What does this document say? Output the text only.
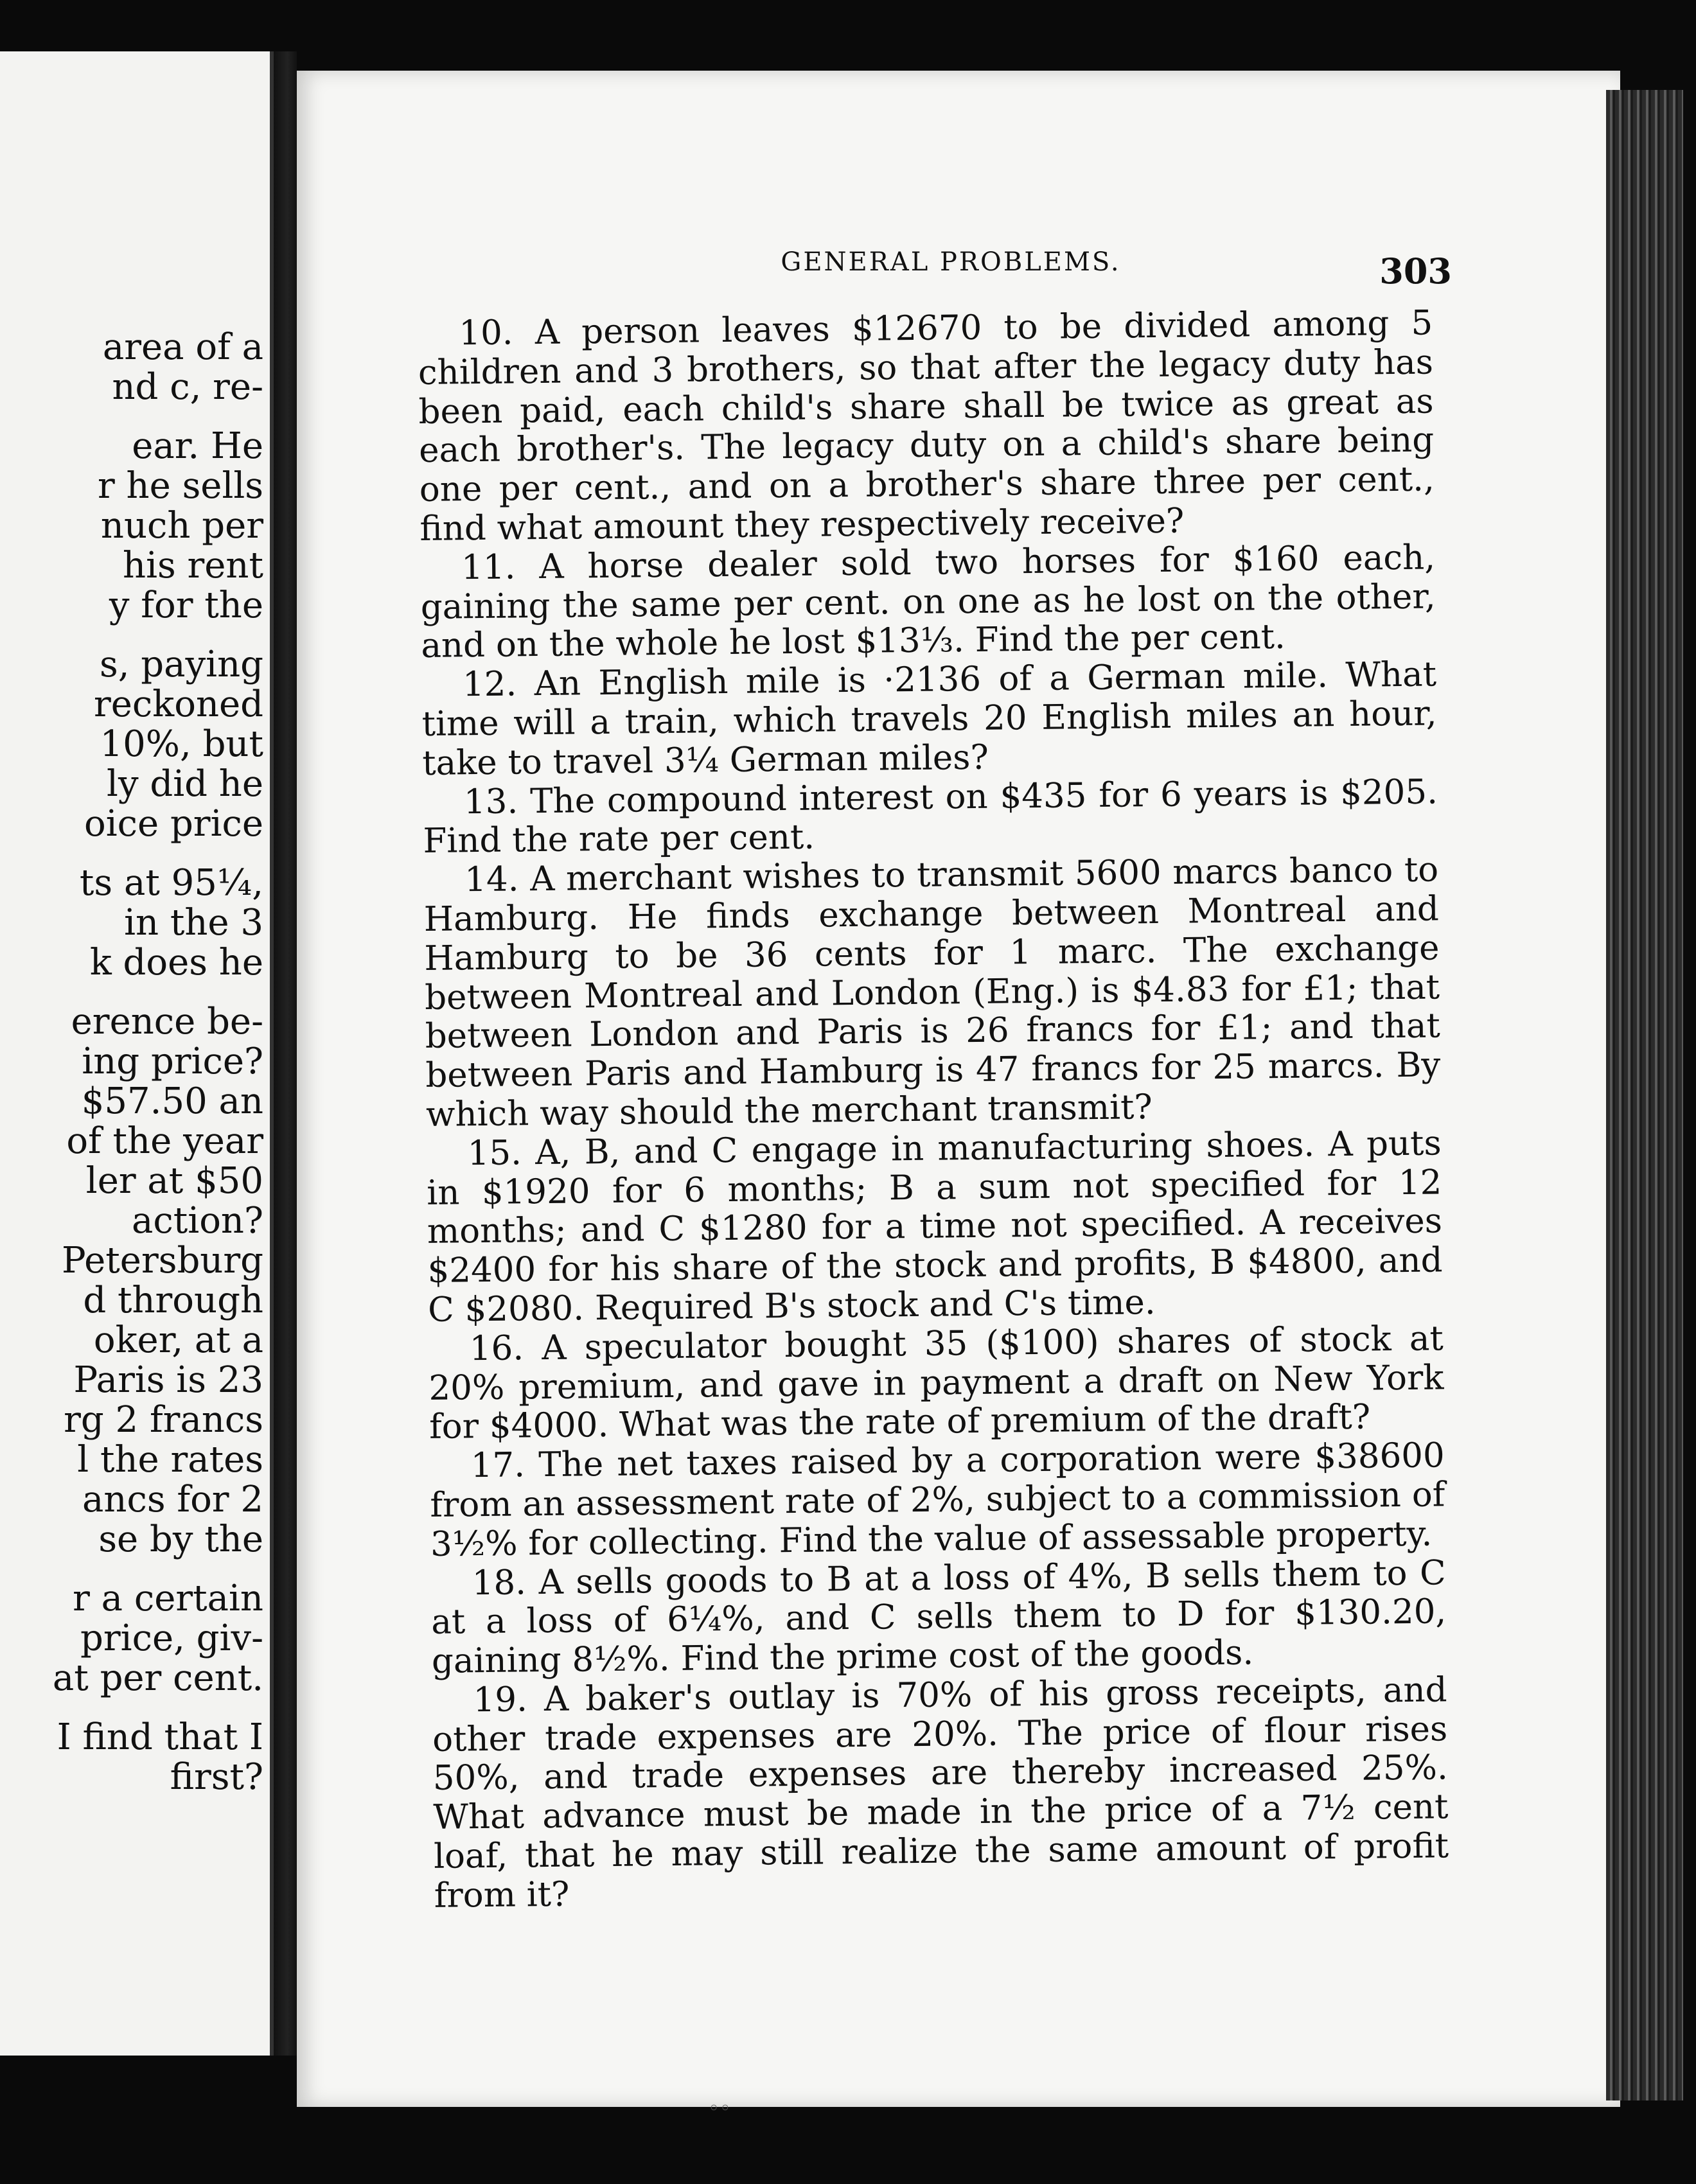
area of a
nd c, re-
ear. He
r he sells
nuch per
his rent
y for the
s, paying
reckoned
10%, but
ly did he
oice price
ts at 95¼,
in the 3
k does he
erence be-
ing price?
$57.50 an
of the year
ler at $50
action?
Petersburg
d through
oker, at a
Paris is 23
rg 2 francs
l the rates
ancs for 2
se by the
r a certain
price, giv-
at per cent.
I find that I
first?
GENERAL PROBLEMS.	303

10. A person leaves $12670 to be divided among 5 children and 3 brothers, so that after the legacy duty has been paid, each child's share shall be twice as great as each brother's. The legacy duty on a child's share being one per cent., and on a brother's share three per cent., find what amount they respectively receive?

11. A horse dealer sold two horses for $160 each, gaining the same per cent. on one as he lost on the other, and on the whole he lost $13⅓. Find the per cent.

12. An English mile is ·2136 of a German mile. What time will a train, which travels 20 English miles an hour, take to travel 3¼ German miles?

13. The compound interest on $435 for 6 years is $205. Find the rate per cent.

14. A merchant wishes to transmit 5600 marcs banco to Hamburg. He finds exchange between Montreal and Hamburg to be 36 cents for 1 marc. The exchange between Montreal and London (Eng.) is $4.83 for £1; that between London and Paris is 26 francs for £1; and that between Paris and Hamburg is 47 francs for 25 marcs. By which way should the merchant transmit?

15. A, B, and C engage in manufacturing shoes. A puts in $1920 for 6 months; B a sum not specified for 12 months; and C $1280 for a time not specified. A receives $2400 for his share of the stock and profits, B $4800, and C $2080. Required B's stock and C's time.

16. A speculator bought 35 ($100) shares of stock at 20% premium, and gave in payment a draft on New York for $4000. What was the rate of premium of the draft?

17. The net taxes raised by a corporation were $38600 from an assessment rate of 2%, subject to a commission of 3½% for collecting. Find the value of assessable property.

18. A sells goods to B at a loss of 4%, B sells them to C at a loss of 6¼%, and C sells them to D for $130.20, gaining 8½%. Find the prime cost of the goods.

19. A baker's outlay is 70% of his gross receipts, and other trade expenses are 20%. The price of flour rises 50%, and trade expenses are thereby increased 25%. What advance must be made in the price of a 7½ cent loaf, that he may still realize the same amount of profit from it?

◦◦
